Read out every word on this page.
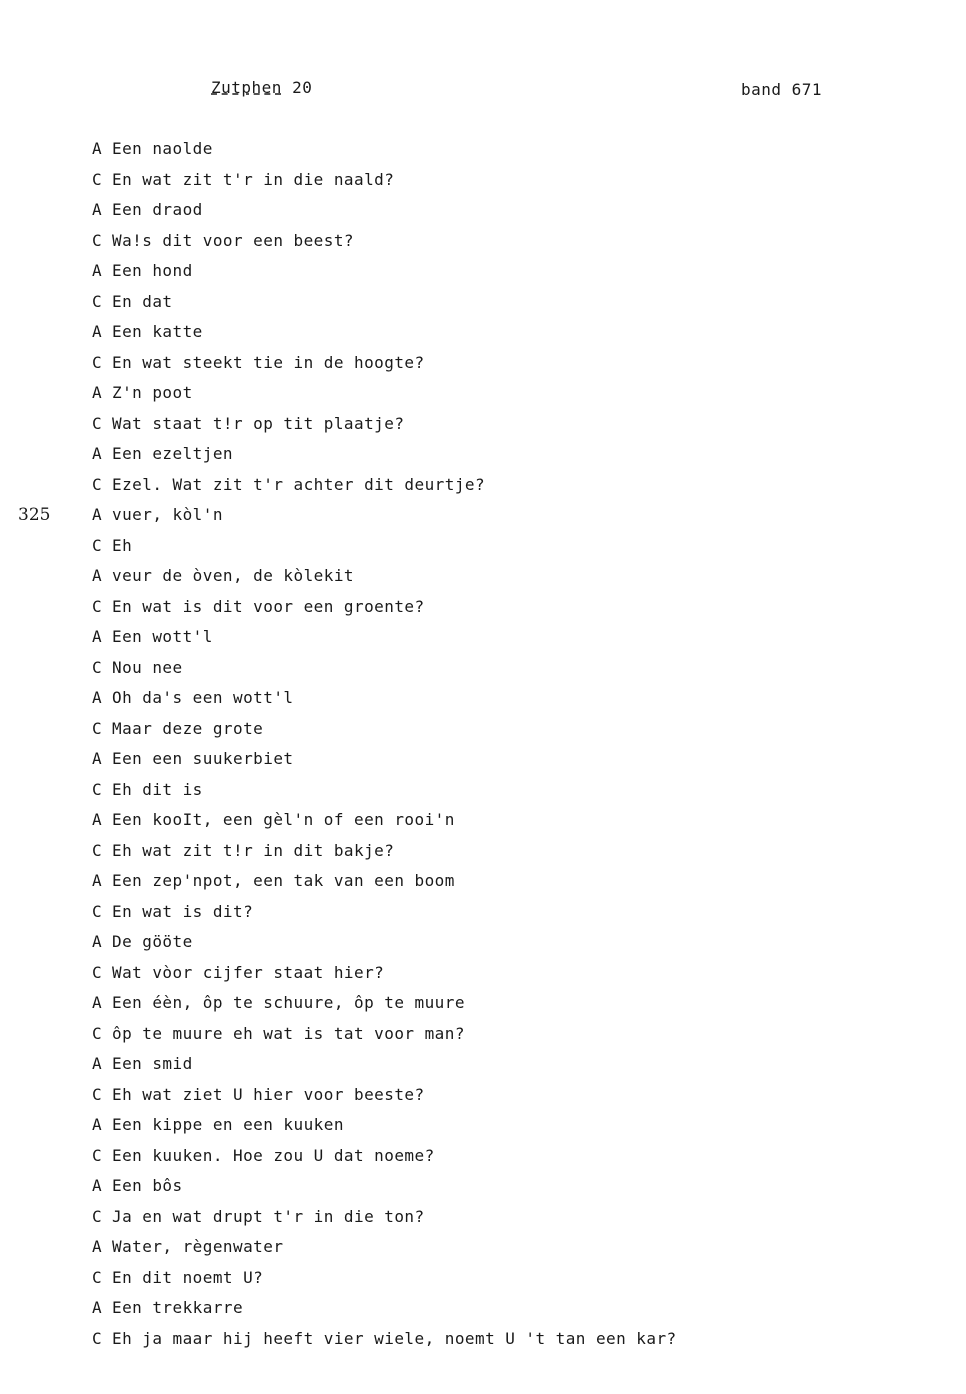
Zutphen 20	band 671
325
A Een naolde
C En wat zit t'r in die naald?
A Een draod
C Wa!s dit voor een beest?
A Een hond
C En dat
A Een katte
C En wat steekt tie in de hoogte?
A Z'n poot
C Wat staat t!r op tit plaatje?
A Een ezeltjen
C Ezel. Wat zit t'r achter dit deurtje?
A vuer, kòl'n
C Eh
A veur de òven, de kòlekit
C En wat is dit voor een groente?
A Een wott'l
C Nou nee
A Oh da's een wott'l
C Maar deze grote
A Een een suukerbiet
C Eh dit is
A Een kooIt, een gèl'n of een rooi'n
C Eh wat zit t!r in dit bakje?
A Een zep'npot, een tak van een boom
C En wat is dit?
A De gööte
C Wat vòor cijfer staat hier?
A Een éèn, ôp te schuure, ôp te muure
C ôp te muure eh wat is tat voor man?
A Een smid
C Eh wat ziet U hier voor beeste?
A Een kippe en een kuuken
C Een kuuken. Hoe zou U dat noeme?
A Een bôs
C Ja en wat drupt t'r in die ton?
A Water, règenwater
C En dit noemt U?
A Een trekkarre
C Eh ja maar hij heeft vier wiele, noemt U 't tan een kar?
